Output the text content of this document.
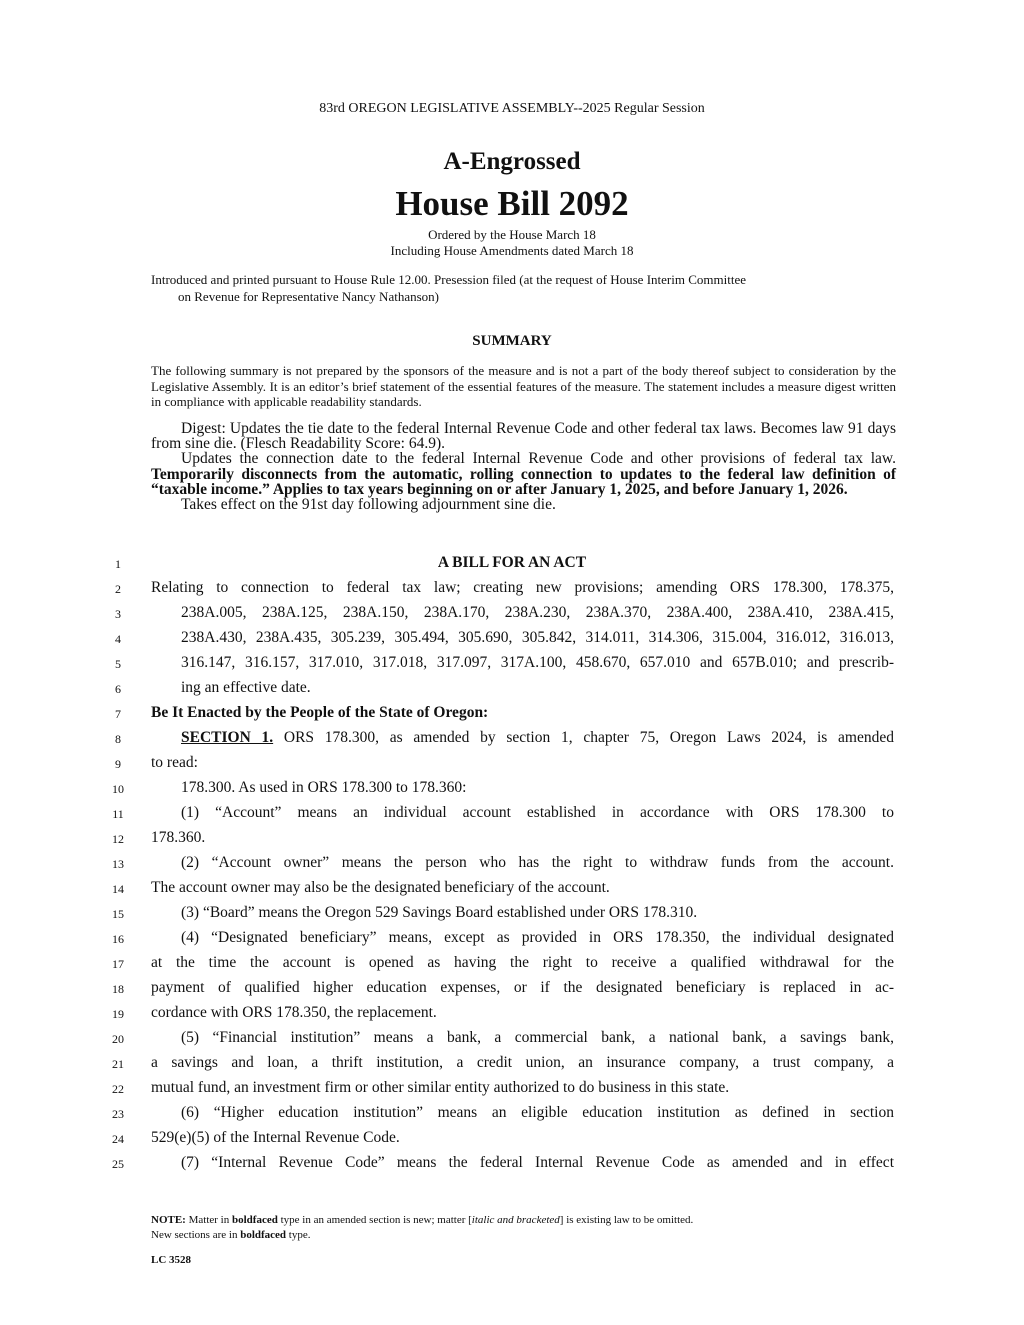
83rd OREGON LEGISLATIVE ASSEMBLY--2025 Regular Session
A-Engrossed
House Bill 2092
Ordered by the House March 18
Including House Amendments dated March 18
Introduced and printed pursuant to House Rule 12.00. Presession filed (at the request of House Interim Committee
on Revenue for Representative Nancy Nathanson)
SUMMARY
The following summary is not prepared by the sponsors of the measure and is not a part of the body thereof subject to consideration by the Legislative Assembly. It is an editor’s brief statement of the essential features of the measure. The statement includes a measure digest written in compliance with applicable readability standards.

Digest: Updates the tie date to the federal Internal Revenue Code and other federal tax laws. Becomes law 91 days from sine die. (Flesch Readability Score: 64.9).

Updates the connection date to the federal Internal Revenue Code and other provisions of federal tax law. Temporarily disconnects from the automatic, rolling connection to updates to the federal law definition of “taxable income.” Applies to tax years beginning on or after January 1, 2025, and before January 1, 2026.

Takes effect on the 91st day following adjournment sine die.

1
2
3
4
5
6
7
8
9
10
11
12
13
14
15
16
17
18
19
20
21
22
23
24
25
A BILL FOR AN ACT
Relating to connection to federal tax law; creating new provisions; amending ORS 178.300, 178.375,
238A.005, 238A.125, 238A.150, 238A.170, 238A.230, 238A.370, 238A.400, 238A.410, 238A.415,
238A.430, 238A.435, 305.239, 305.494, 305.690, 305.842, 314.011, 314.306, 315.004, 316.012, 316.013,
316.147, 316.157, 317.010, 317.018, 317.097, 317A.100, 458.670, 657.010 and 657B.010; and prescrib-
ing an effective date.
Be It Enacted by the People of the State of Oregon:
SECTION 1. ORS 178.300, as amended by section 1, chapter 75, Oregon Laws 2024, is amended
to read:
178.300. As used in ORS 178.300 to 178.360:
(1) “Account” means an individual account established in accordance with ORS 178.300 to
178.360.
(2) “Account owner” means the person who has the right to withdraw funds from the account.
The account owner may also be the designated beneficiary of the account.
(3) “Board” means the Oregon 529 Savings Board established under ORS 178.310.
(4) “Designated beneficiary” means, except as provided in ORS 178.350, the individual designated
at the time the account is opened as having the right to receive a qualified withdrawal for the
payment of qualified higher education expenses, or if the designated beneficiary is replaced in ac-
cordance with ORS 178.350, the replacement.
(5) “Financial institution” means a bank, a commercial bank, a national bank, a savings bank,
a savings and loan, a thrift institution, a credit union, an insurance company, a trust company, a
mutual fund, an investment firm or other similar entity authorized to do business in this state.
(6) “Higher education institution” means an eligible education institution as defined in section
529(e)(5) of the Internal Revenue Code.
(7) “Internal Revenue Code” means the federal Internal Revenue Code as amended and in effect
NOTE: Matter in boldfaced type in an amended section is new; matter [italic and bracketed] is existing law to be omitted.
New sections are in boldfaced type.
LC 3528
